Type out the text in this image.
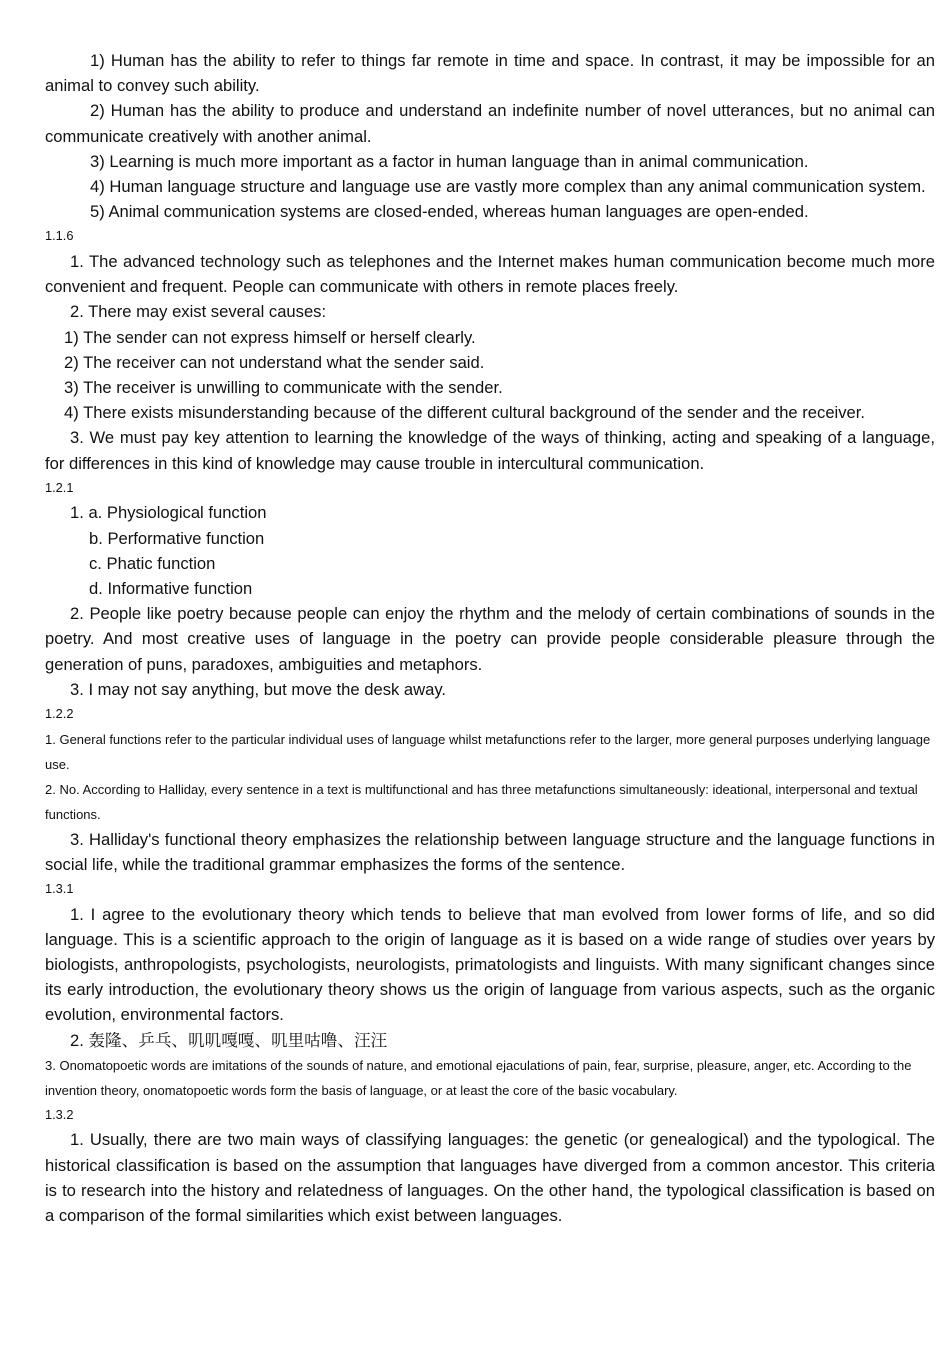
1) Human has the ability to refer to things far remote in time and space. In contrast, it may be impossible for an animal to convey such ability.

2) Human has the ability to produce and understand an indefinite number of novel utterances, but no animal can communicate creatively with another animal.

3) Learning is much more important as a factor in human language than in animal communication.

4) Human language structure and language use are vastly more complex than any animal communication system.

5) Animal communication systems are closed-ended, whereas human languages are open-ended.

1.1.6

1. The advanced technology such as telephones and the Internet makes human communication become much more convenient and frequent. People can communicate with others in remote places freely.

2. There may exist several causes:

1) The sender can not express himself or herself clearly.

2) The receiver can not understand what the sender said.

3) The receiver is unwilling to communicate with the sender.

4) There exists misunderstanding because of the different cultural background of the sender and the receiver.

3. We must pay key attention to learning the knowledge of the ways of thinking, acting and speaking of a language, for differences in this kind of knowledge may cause trouble in intercultural communication.

1.2.1

1. a. Physiological function

b. Performative function

c. Phatic function

d. Informative function

2. People like poetry because people can enjoy the rhythm and the melody of certain combinations of sounds in the poetry. And most creative uses of language in the poetry can provide people considerable pleasure through the generation of puns, paradoxes, ambiguities and metaphors.

3. I may not say anything, but move the desk away.

1.2.2

1. General functions refer to the particular individual uses of language whilst metafunctions refer to the larger, more general purposes underlying language use.

2. No. According to Halliday, every sentence in a text is multifunctional and has three metafunctions simultaneously: ideational, interpersonal and textual functions.

3. Halliday's functional theory emphasizes the relationship between language structure and the language functions in social life, while the traditional grammar emphasizes the forms of the sentence.

1.3.1

1. I agree to the evolutionary theory which tends to believe that man evolved from lower forms of life, and so did language. This is a scientific approach to the origin of language as it is based on a wide range of studies over years by biologists, anthropologists, psychologists, neurologists, primatologists and linguists. With many significant changes since its early introduction, the evolutionary theory shows us the origin of language from various aspects, such as the organic evolution, environmental factors.

2. 轰隆、乒乓、叽叽嘎嘎、叽里咕噜、汪汪

3. Onomatopoetic words are imitations of the sounds of nature, and emotional ejaculations of pain, fear, surprise, pleasure, anger, etc. According to the invention theory, onomatopoetic words form the basis of language, or at least the core of the basic vocabulary.

1.3.2

1. Usually, there are two main ways of classifying languages: the genetic (or genealogical) and the typological. The historical classification is based on the assumption that languages have diverged from a common ancestor. This criteria is to research into the history and relatedness of languages. On the other hand, the typological classification is based on a comparison of the formal similarities which exist between languages.
